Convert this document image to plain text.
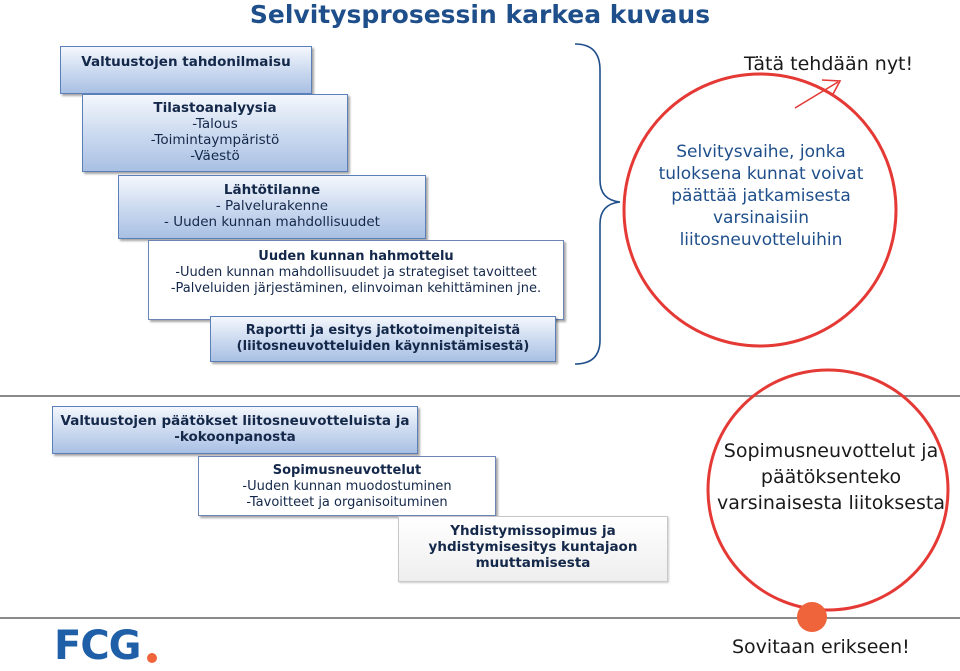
Selvitysprosessin karkea kuvaus
Valtuustojen tahdonilmaisu
Tilastoanalyysia
-Talous
-Toimintaympäristö
-Väestö
Lähtötilanne
- Palvelurakenne
- Uuden kunnan mahdollisuudet
Uuden kunnan hahmottelu
-Uuden kunnan mahdollisuudet ja strategiset tavoitteet
-Palveluiden järjestäminen, elinvoiman kehittäminen jne.
Raportti ja esitys jatkotoimenpiteistä (liitosneuvotteluiden käynnistämisestä)
Tätä tehdään nyt!
Selvitysvaihe, jonka tuloksena kunnat voivat päättää jatkamisesta varsinaisiin liitosneuvotteluihin
Valtuustojen päätökset liitosneuvotteluista ja -kokoonpanosta
Sopimusneuvottelut
-Uuden kunnan muodostuminen
-Tavoitteet ja organisoituminen
Yhdistymissopimus ja yhdistymisesitys kuntajaon muuttamisesta
Sopimusneuvottelut ja päätöksenteko varsinaisesta liitoksesta
Sovitaan erikseen!
FCG
